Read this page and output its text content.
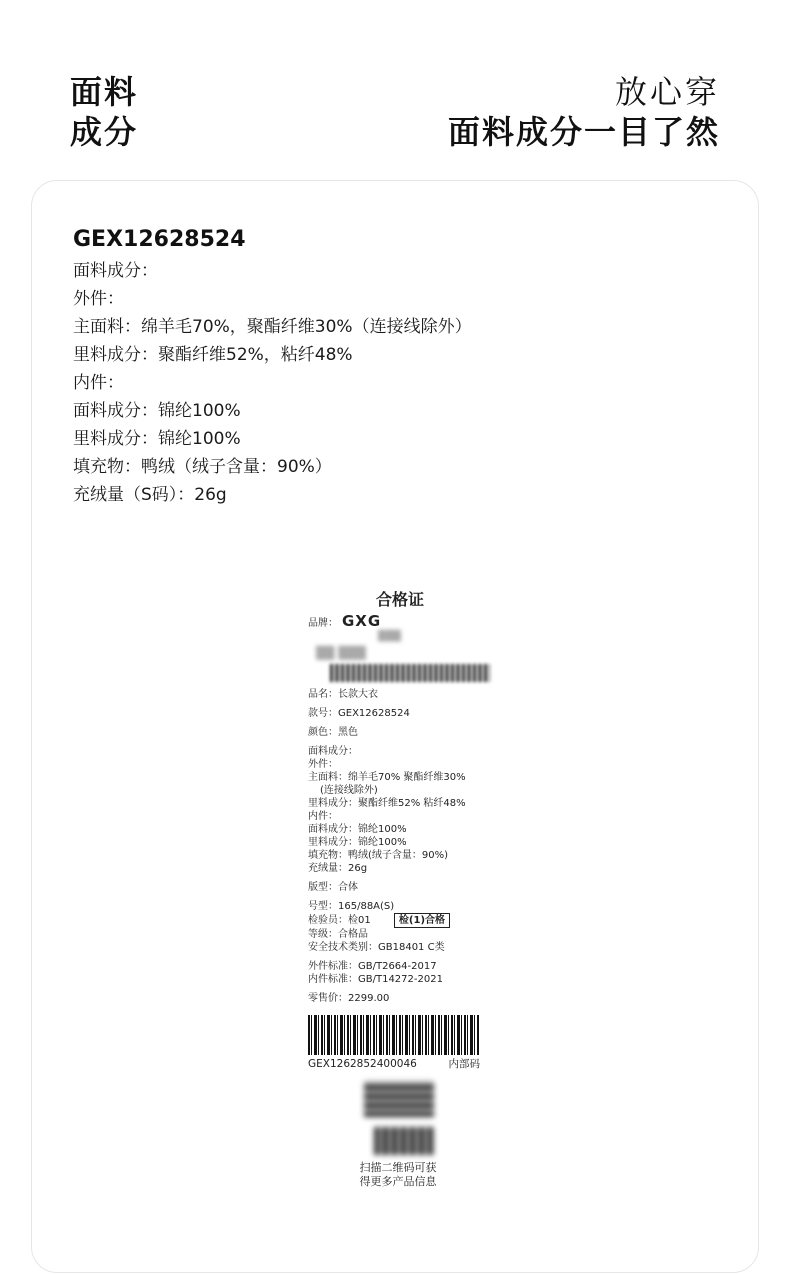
面料
成分
放心穿
面料成分一目了然
GEX12628524
面料成分：
外件：
主面料：绵羊毛70%，聚酯纤维30%（连接线除外）
里料成分：聚酯纤维52%，粘纤48%
内件：
面料成分：锦纶100%
里料成分：锦纶100%
填充物：鸭绒（绒子含量：90%）
充绒量（S码）：26g
合格证
品牌： GXG
▒▒▒
▒▒ ▒▒▒
品名：长款大衣
款号：GEX12628524
颜色：黑色
面料成分：
外件：
主面料：绵羊毛70% 聚酯纤维30%
(连接线除外)
里料成分：聚酯纤维52% 粘纤48%
内件：
面料成分：锦纶100%
里料成分：锦纶100%
填充物：鸭绒(绒子含量：90%)
充绒量：26g
版型：合体
号型：165/88A(S)
检验员：检01	检(1)合格
等级：合格品
安全技术类别：GB18401 C类
外件标准：GB/T2664-2017
内件标准：GB/T14272-2021
零售价：2299.00
GEX1262852400046	内部码
扫描二维码可获
得更多产品信息
